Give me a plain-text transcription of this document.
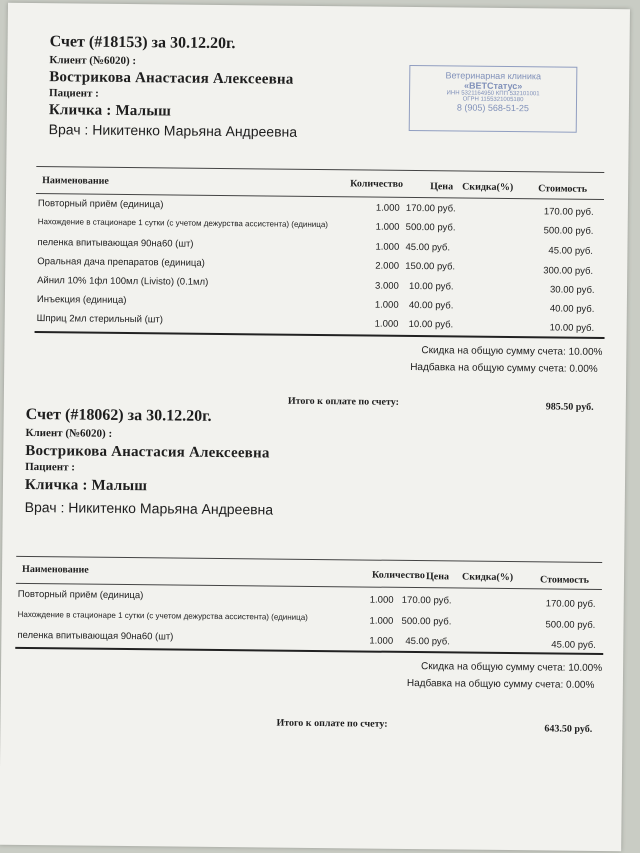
Ветеринарная клиника
«ВЕТСтатус»
ИНН 5321164950 КПП 532101001
ОГРН 1155321005180
8 (905) 568-51-25
Счет (#18153) за 30.12.20г.
Клиент (№6020) :
Вострикова Анастасия Алексеевна
Пациент :
Кличка : Малыш
Врач : Никитенко Марьяна Андреевна
Наименование	Количество	Цена Скидка(%) Стоимость
Повторный приём (единица)	1.000 170.00 руб.	170.00 руб.
Нахождение в стационаре 1 сутки (с учетом дежурства ассистента) (единица)	1.000 500.00 руб.	500.00 руб.
пеленка впитывающая 90на60 (шт)	1.000 45.00 руб.	45.00 руб.
Оральная дача препаратов (единица)	2.000 150.00 руб.	300.00 руб.
Айнил 10% 1фл 100мл (Livisto) (0.1мл)	3.000 10.00 руб.	30.00 руб.
Инъекция (единица)	1.000 40.00 руб.	40.00 руб.
Шприц 2мл стерильный (шт)	1.000 10.00 руб.	10.00 руб.
Скидка на общую сумму счета: 10.00%
Надбавка на общую сумму счета: 0.00%
Итого к оплате по счету:	985.50 руб.
Счет (#18062) за 30.12.20г.
Клиент (№6020) :
Вострикова Анастасия Алексеевна
Пациент :
Кличка : Малыш
Врач : Никитенко Марьяна Андреевна
Наименование	Количество Цена Скидка(%)	Стоимость
Повторный приём (единица)	1.000 170.00 руб.	170.00 руб.
Нахождение в стационаре 1 сутки (с учетом дежурства ассистента) (единица)	1.000 500.00 руб.	500.00 руб.
пеленка впитывающая 90на60 (шт)	1.000 45.00 руб.	45.00 руб.
Скидка на общую сумму счета: 10.00%
Надбавка на общую сумму счета: 0.00%
Итого к оплате по счету:	643.50 руб.
